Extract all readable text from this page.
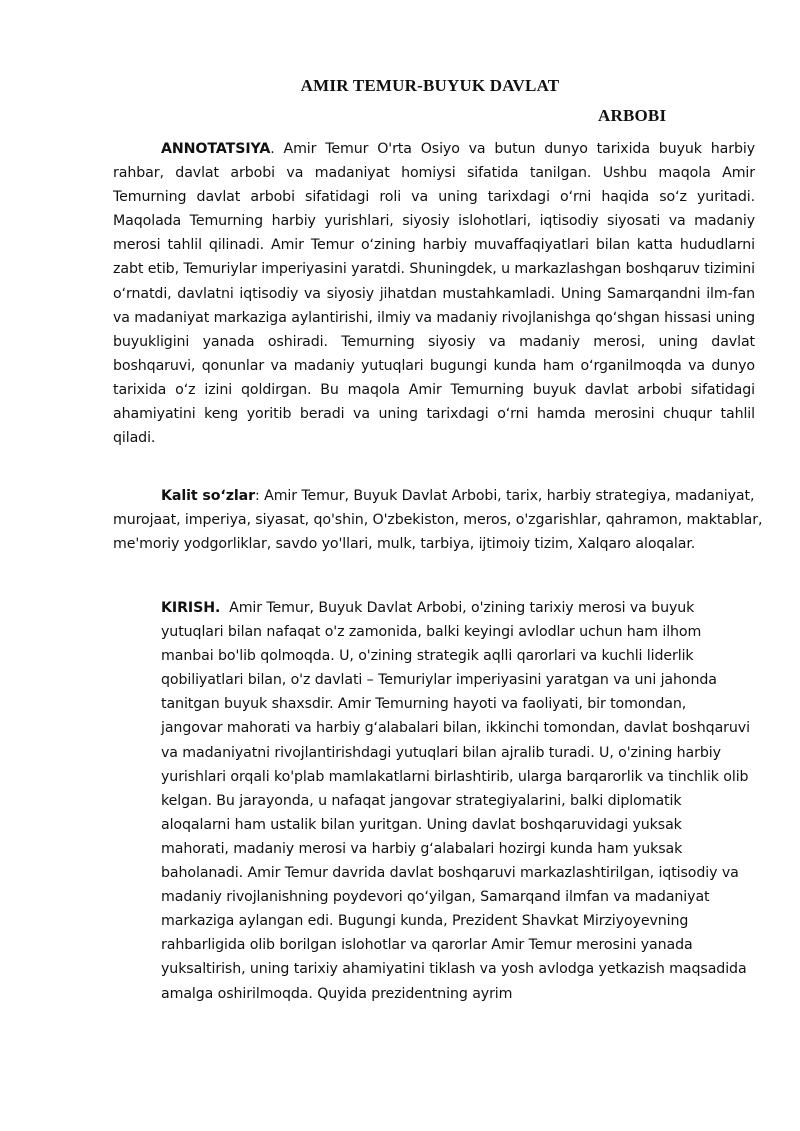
AMIR TEMUR-BUYUK DAVLAT
ARBOBI

ANNOTATSIYA. Amir Temur O'rta Osiyo va butun dunyo tarixida buyuk harbiy rahbar, davlat arbobi va madaniyat homiysi sifatida tanilgan. Ushbu maqola Amir Temurning davlat arbobi sifatidagi roli va uning tarixdagi oʻrni haqida soʻz yuritadi. Maqolada Temurning harbiy yurishlari, siyosiy islohotlari, iqtisodiy siyosati va madaniy merosi tahlil qilinadi. Amir Temur oʻzining harbiy muvaffaqiyatlari bilan katta hududlarni zabt etib, Temuriylar imperiyasini yaratdi. Shuningdek, u markazlashgan boshqaruv tizimini oʻrnatdi, davlatni iqtisodiy va siyosiy jihatdan mustahkamladi. Uning Samarqandni ilm-fan va madaniyat markaziga aylantirishi, ilmiy va madaniy rivojlanishga qoʻshgan hissasi uning buyukligini yanada oshiradi. Temurning siyosiy va madaniy merosi, uning davlat boshqaruvi, qonunlar va madaniy yutuqlari bugungi kunda ham oʻrganilmoqda va dunyo tarixida oʻz izini qoldirgan. Bu maqola Amir Temurning buyuk davlat arbobi sifatidagi ahamiyatini keng yoritib beradi va uning tarixdagi oʻrni hamda merosini chuqur tahlil qiladi.

Kalit soʻzlar: Amir Temur, Buyuk Davlat Arbobi, tarix, harbiy strategiya, madaniyat, murojaat, imperiya, siyasat, qo'shin, O'zbekiston, meros, o'zgarishlar, qahramon, maktablar, me'moriy yodgorliklar, savdo yo'llari, mulk, tarbiya, ijtimoiy tizim, Xalqaro aloqalar.

KIRISH. Amir Temur, Buyuk Davlat Arbobi, o'zining tarixiy merosi va buyuk yutuqlari bilan nafaqat o'z zamonida, balki keyingi avlodlar uchun ham ilhom manbai bo'lib qolmoqda. U, o'zining strategik aqlli qarorlari va kuchli liderlik qobiliyatlari bilan, o'z davlati – Temuriylar imperiyasini yaratgan va uni jahonda tanitgan buyuk shaxsdir. Amir Temurning hayoti va faoliyati, bir tomondan, jangovar mahorati va harbiy gʻalabalari bilan, ikkinchi tomondan, davlat boshqaruvi va madaniyatni rivojlantirishdagi yutuqlari bilan ajralib turadi. U, o'zining harbiy yurishlari orqali ko'plab mamlakatlarni birlashtirib, ularga barqarorlik va tinchlik olib kelgan. Bu jarayonda, u nafaqat jangovar strategiyalarini, balki diplomatik aloqalarni ham ustalik bilan yuritgan. Uning davlat boshqaruvidagi yuksak mahorati, madaniy merosi va harbiy gʻalabalari hozirgi kunda ham yuksak baholanadi. Amir Temur davrida davlat boshqaruvi markazlashtirilgan, iqtisodiy va madaniy rivojlanishning poydevori qoʻyilgan, Samarqand ilmfan va madaniyat markaziga aylangan edi. Bugungi kunda, Prezident Shavkat Mirziyoyevning rahbarligida olib borilgan islohotlar va qarorlar Amir Temur merosini yanada yuksaltirish, uning tarixiy ahamiyatini tiklash va yosh avlodga yetkazish maqsadida amalga oshirilmoqda. Quyida prezidentning ayrim
